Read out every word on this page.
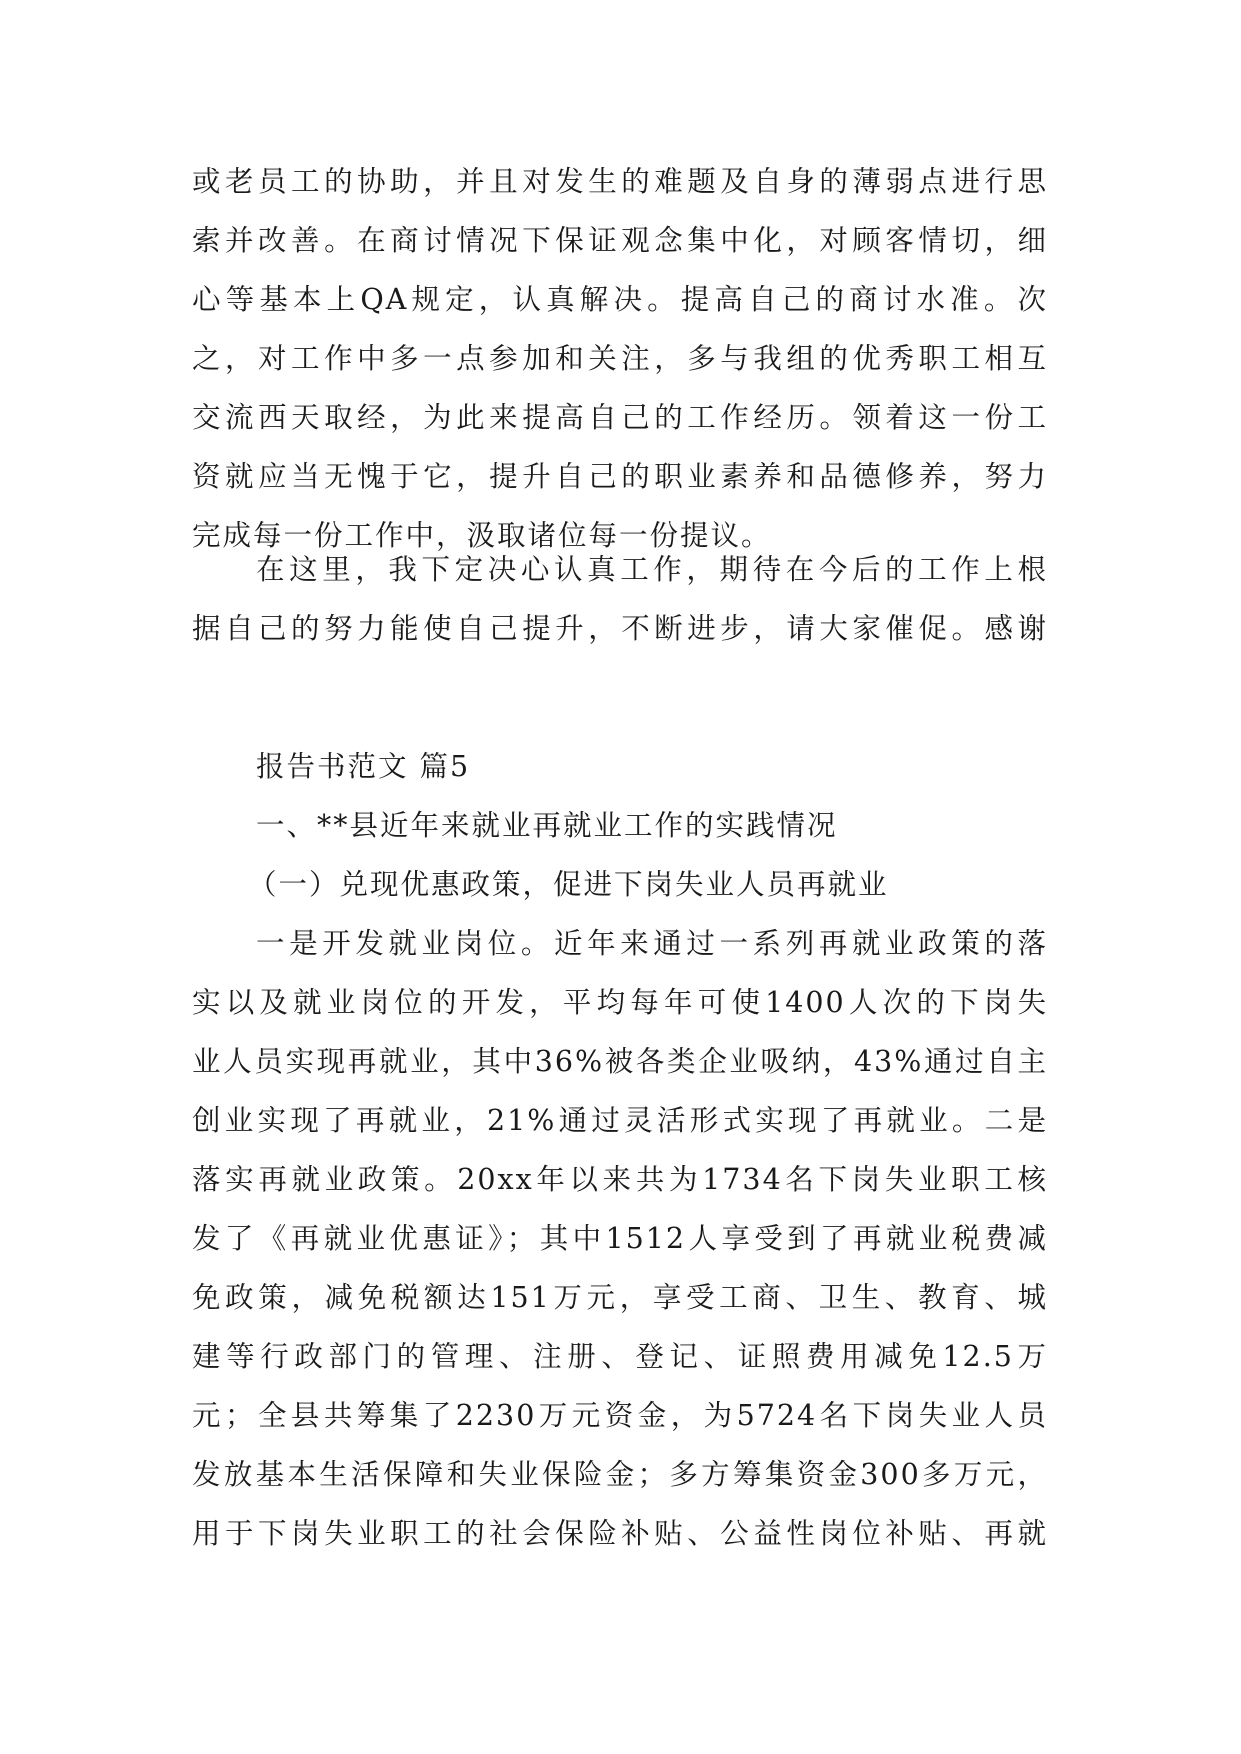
或老员工的协助，并且对发生的难题及自身的薄弱点进行思
索并改善。在商讨情况下保证观念集中化，对顾客情切，细
心等基本上QA规定，认真解决。提高自己的商讨水准。次
之，对工作中多一点参加和关注，多与我组的优秀职工相互
交流西天取经，为此来提高自己的工作经历。领着这一份工
资就应当无愧于它，提升自己的职业素养和品德修养，努力
完成每一份工作中，汲取诸位每一份提议。
在这里，我下定决心认真工作，期待在今后的工作上根
据自己的努力能使自己提升，不断进步，请大家催促。感谢

报告书范文 篇5

一、**县近年来就业再就业工作的实践情况

（一）兑现优惠政策，促进下岗失业人员再就业

一是开发就业岗位。近年来通过一系列再就业政策的落
实以及就业岗位的开发，平均每年可使1400人次的下岗失
业人员实现再就业，其中36%被各类企业吸纳，43%通过自主
创业实现了再就业，21%通过灵活形式实现了再就业。二是
落实再就业政策。20xx年以来共为1734名下岗失业职工核
发了《再就业优惠证》；其中1512人享受到了再就业税费减
免政策，减免税额达151万元，享受工商、卫生、教育、城
建等行政部门的管理、注册、登记、证照费用减免12.5万
元；全县共筹集了2230万元资金，为5724名下岗失业人员
发放基本生活保障和失业保险金；多方筹集资金300多万元，
用于下岗失业职工的社会保险补贴、公益性岗位补贴、再就
